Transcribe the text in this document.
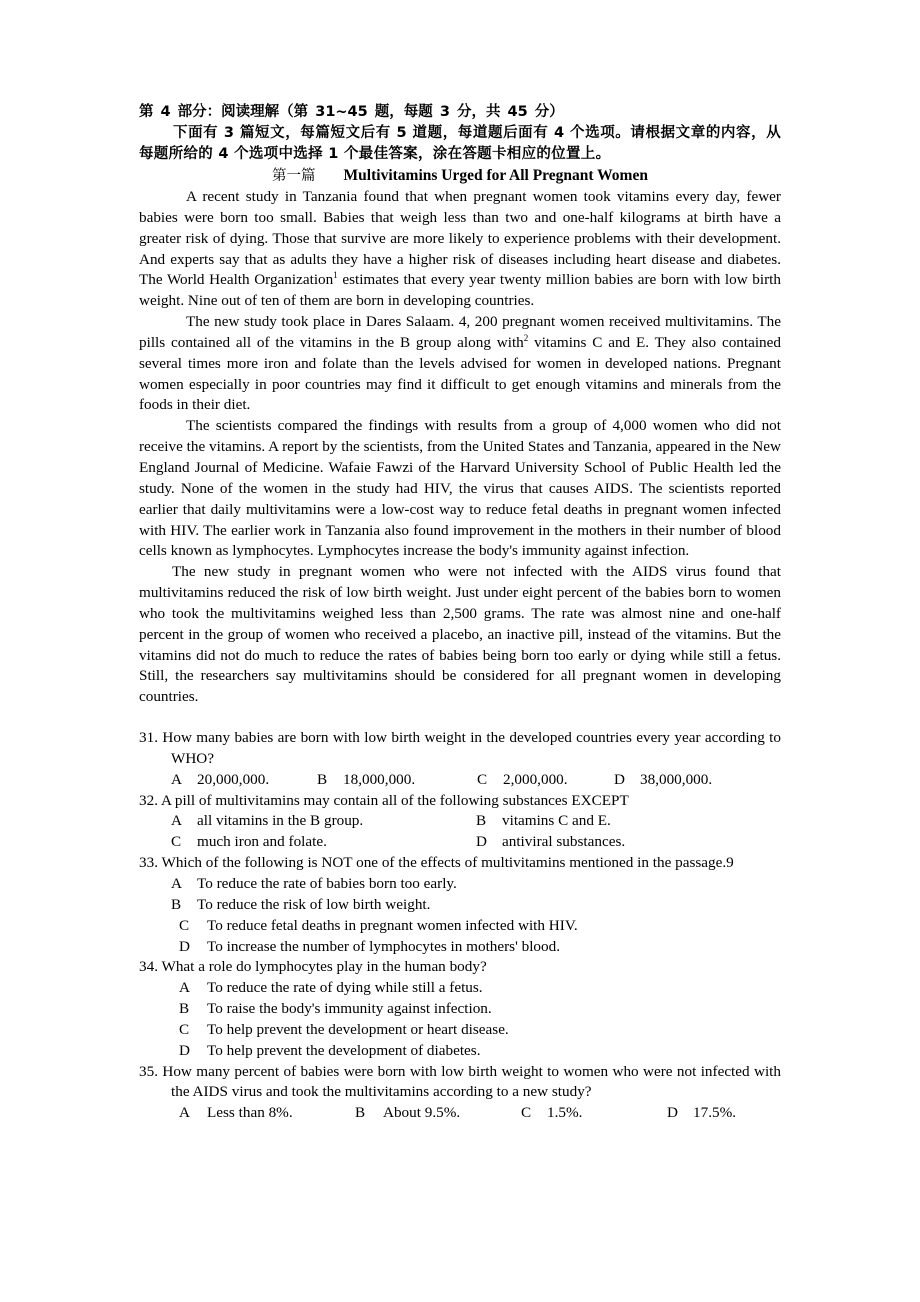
第 4 部分：阅读理解（第 31~45 题，每题 3 分，共 45 分）
下面有 3 篇短文，每篇短文后有 5 道题，每道题后面有 4 个选项。请根据文章的内容，从每题所给的 4 个选项中选择 1 个最佳答案，涂在答题卡相应的位置上。
第一篇 Multivitamins Urged for All Pregnant Women

A recent study in Tanzania found that when pregnant women took vitamins every day, fewer babies were born too small. Babies that weigh less than two and one-half kilograms at birth have a greater risk of dying. Those that survive are more likely to experience problems with their development. And experts say that as adults they have a higher risk of diseases including heart disease and diabetes. The World Health Organization$^1$ estimates that every year twenty million babies are born with low birth weight. Nine out of ten of them are born in developing countries.

The new study took place in Dares Salaam. 4, 200 pregnant women received multivitamins. The pills contained all of the vitamins in the B group along with$^2$ vitamins C and E. They also contained several times more iron and folate than the levels advised for women in developed nations. Pregnant women especially in poor countries may find it difficult to get enough vitamins and minerals from the foods in their diet.

The scientists compared the findings with results from a group of 4,000 women who did not receive the vitamins. A report by the scientists, from the United States and Tanzania, appeared in the New England Journal of Medicine. Wafaie Fawzi of the Harvard University School of Public Health led the study. None of the women in the study had HIV, the virus that causes AIDS. The scientists reported earlier that daily multivitamins were a low-cost way to reduce fetal deaths in pregnant women infected with HIV. The earlier work in Tanzania also found improvement in the mothers in their number of blood cells known as lymphocytes. Lymphocytes increase the body's immunity against infection.

The new study in pregnant women who were not infected with the AIDS virus found that multivitamins reduced the risk of low birth weight. Just under eight percent of the babies born to women who took the multivitamins weighed less than 2,500 grams. The rate was almost nine and one-half percent in the group of women who received a placebo, an inactive pill, instead of the vitamins. But the vitamins did not do much to reduce the rates of babies being born too early or dying while still a fetus. Still, the researchers say multivitamins should be considered for all pregnant women in developing countries.

31. How many babies are born with low birth weight in the developed countries every year according to WHO?
A 20,000,000.	B 18,000,000.	C 2,000,000.	D 38,000,000.
32. A pill of multivitamins may contain all of the following substances EXCEPT
A all vitamins in the B group.	B vitamins C and E.
C much iron and folate.	D antiviral substances.
33. Which of the following is NOT one of the effects of multivitamins mentioned in the passage.9
A To reduce the rate of babies born too early.
B To reduce the risk of low birth weight.
C To reduce fetal deaths in pregnant women infected with HIV.
D To increase the number of lymphocytes in mothers' blood.
34. What a role do lymphocytes play in the human body?
A To reduce the rate of dying while still a fetus.
B To raise the body's immunity against infection.
C To help prevent the development or heart disease.
D To help prevent the development of diabetes.
35. How many percent of babies were born with low birth weight to women who were not infected with the AIDS virus and took the multivitamins according to a new study?
A Less than 8%.	B About 9.5%.	C 1.5%.	D 17.5%.
